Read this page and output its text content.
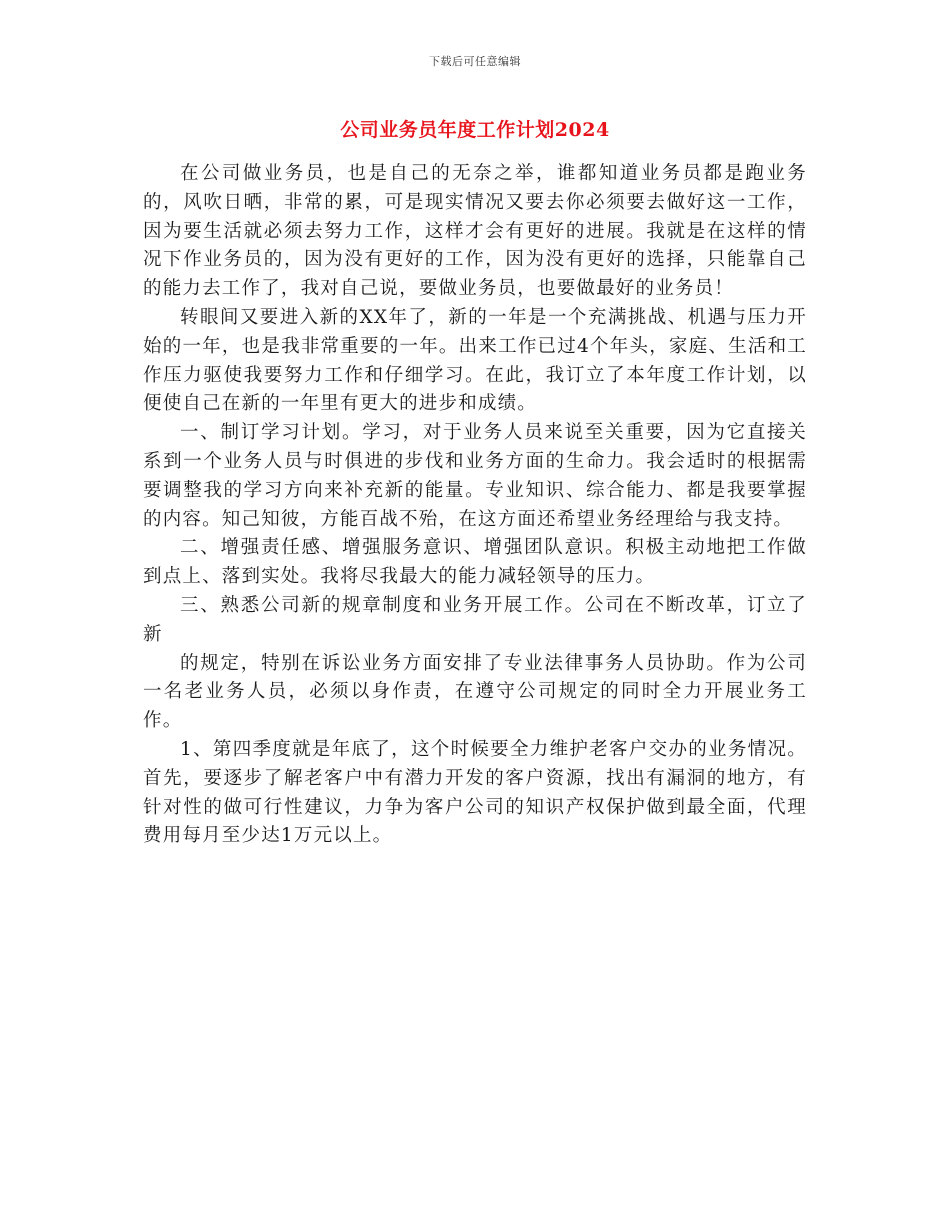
下载后可任意编辑
公司业务员年度工作计划2024

在公司做业务员，也是自己的无奈之举，谁都知道业务员都是跑业务的，风吹日晒，非常的累，可是现实情况又要去你必须要去做好这一工作，因为要生活就必须去努力工作，这样才会有更好的进展。我就是在这样的情况下作业务员的，因为没有更好的工作，因为没有更好的选择，只能靠自己的能力去工作了，我对自己说，要做业务员，也要做最好的业务员！

转眼间又要进入新的XX年了，新的一年是一个充满挑战、机遇与压力开始的一年，也是我非常重要的一年。出来工作已过4个年头，家庭、生活和工作压力驱使我要努力工作和仔细学习。在此，我订立了本年度工作计划，以便使自己在新的一年里有更大的进步和成绩。

一、制订学习计划。学习，对于业务人员来说至关重要，因为它直接关系到一个业务人员与时俱进的步伐和业务方面的生命力。我会适时的根据需要调整我的学习方向来补充新的能量。专业知识、综合能力、都是我要掌握的内容。知己知彼，方能百战不殆，在这方面还希望业务经理给与我支持。

二、增强责任感、增强服务意识、增强团队意识。积极主动地把工作做到点上、落到实处。我将尽我最大的能力减轻领导的压力。

三、熟悉公司新的规章制度和业务开展工作。公司在不断改革，订立了新

的规定，特别在诉讼业务方面安排了专业法律事务人员协助。作为公司一名老业务人员，必须以身作责，在遵守公司规定的同时全力开展业务工作。

1、第四季度就是年底了，这个时候要全力维护老客户交办的业务情况。首先，要逐步了解老客户中有潜力开发的客户资源，找出有漏洞的地方，有针对性的做可行性建议，力争为客户公司的知识产权保护做到最全面，代理费用每月至少达1万元以上。
